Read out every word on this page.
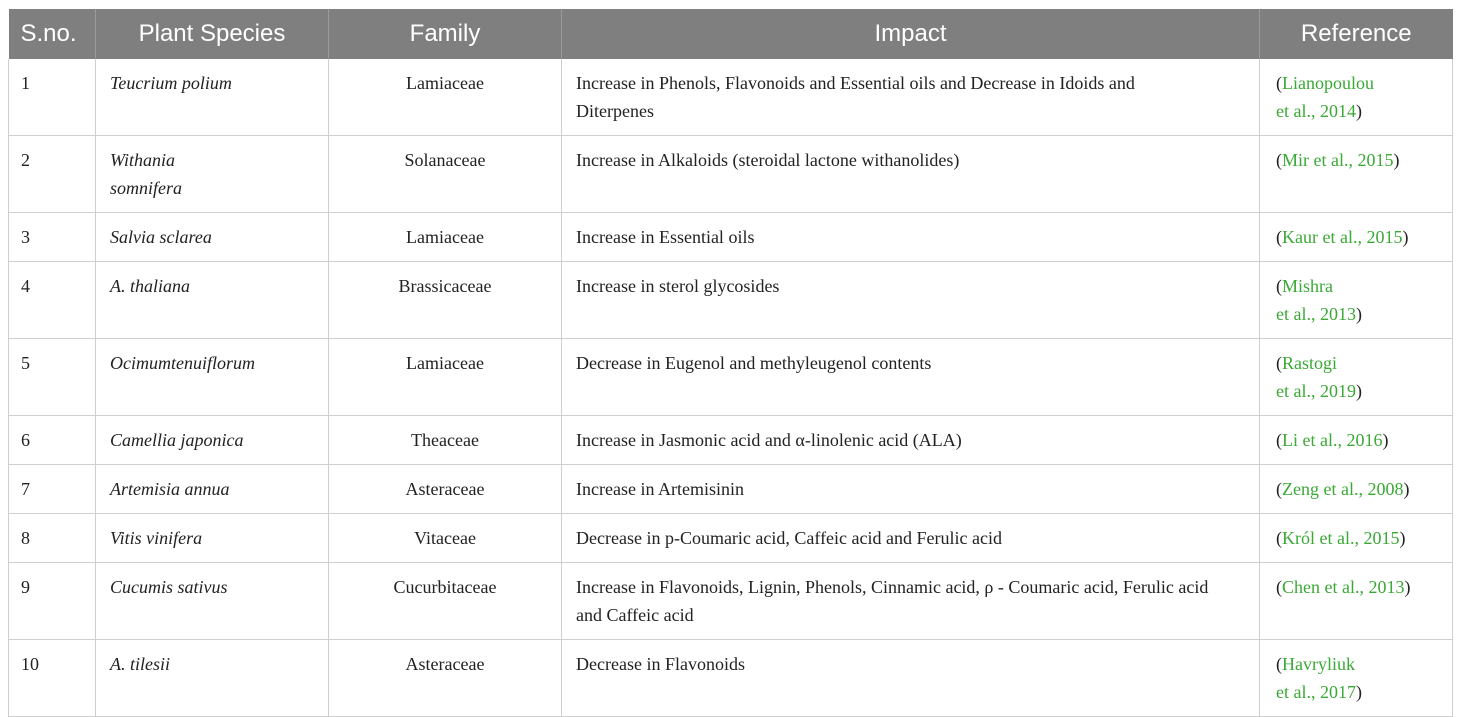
S.no.	Plant Species	Family	Impact	Reference
1	Teucrium polium	Lamiaceae	Increase in Phenols, Flavonoids and Essential oils and Decrease in Idoids and Diterpenes	(Lianopoulou
et al., 2014)
2	Withania somnifera	Solanaceae	Increase in Alkaloids (steroidal lactone withanolides)	(Mir et al., 2015)
3	Salvia sclarea	Lamiaceae	Increase in Essential oils	(Kaur et al., 2015)
4	A. thaliana	Brassicaceae	Increase in sterol glycosides	(Mishra
et al., 2013)
5	Ocimumtenuiflorum	Lamiaceae	Decrease in Eugenol and methyleugenol contents	(Rastogi
et al., 2019)
6	Camellia japonica	Theaceae	Increase in Jasmonic acid and α-linolenic acid (ALA)	(Li et al., 2016)
7	Artemisia annua	Asteraceae	Increase in Artemisinin	(Zeng et al., 2008)
8	Vitis vinifera	Vitaceae	Decrease in p-Coumaric acid, Caffeic acid and Ferulic acid	(Król et al., 2015)
9	Cucumis sativus	Cucurbitaceae	Increase in Flavonoids, Lignin, Phenols, Cinnamic acid, ρ - Coumaric acid, Ferulic acid and Caffeic acid	(Chen et al., 2013)
10	A. tilesii	Asteraceae	Decrease in Flavonoids	(Havryliuk
et al., 2017)
